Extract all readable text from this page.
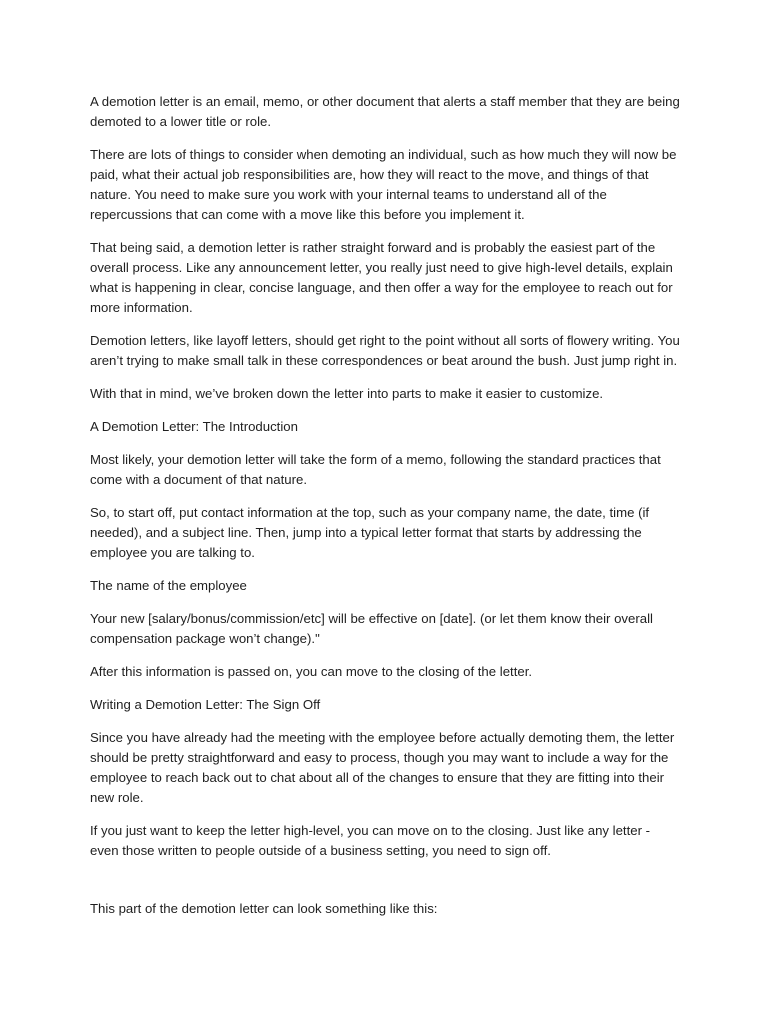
A demotion letter is an email, memo, or other document that alerts a staff member that they are being demoted to a lower title or role.

There are lots of things to consider when demoting an individual, such as how much they will now be paid, what their actual job responsibilities are, how they will react to the move, and things of that nature. You need to make sure you work with your internal teams to understand all of the repercussions that can come with a move like this before you implement it.

That being said, a demotion letter is rather straight forward and is probably the easiest part of the overall process. Like any announcement letter, you really just need to give high-level details, explain what is happening in clear, concise language, and then offer a way for the employee to reach out for more information.

Demotion letters, like layoff letters, should get right to the point without all sorts of flowery writing. You aren’t trying to make small talk in these correspondences or beat around the bush. Just jump right in.

With that in mind, we’ve broken down the letter into parts to make it easier to customize.

A Demotion Letter: The Introduction

Most likely, your demotion letter will take the form of a memo, following the standard practices that come with a document of that nature.

So, to start off, put contact information at the top, such as your company name, the date, time (if needed), and a subject line. Then, jump into a typical letter format that starts by addressing the employee you are talking to.

The name of the employee

Your new [salary/bonus/commission/etc] will be effective on [date]. (or let them know their overall compensation package won’t change)."

After this information is passed on, you can move to the closing of the letter.

Writing a Demotion Letter: The Sign Off

Since you have already had the meeting with the employee before actually demoting them, the letter should be pretty straightforward and easy to process, though you may want to include a way for the employee to reach back out to chat about all of the changes to ensure that they are fitting into their new role.

If you just want to keep the letter high-level, you can move on to the closing. Just like any letter - even those written to people outside of a business setting, you need to sign off.

This part of the demotion letter can look something like this:
